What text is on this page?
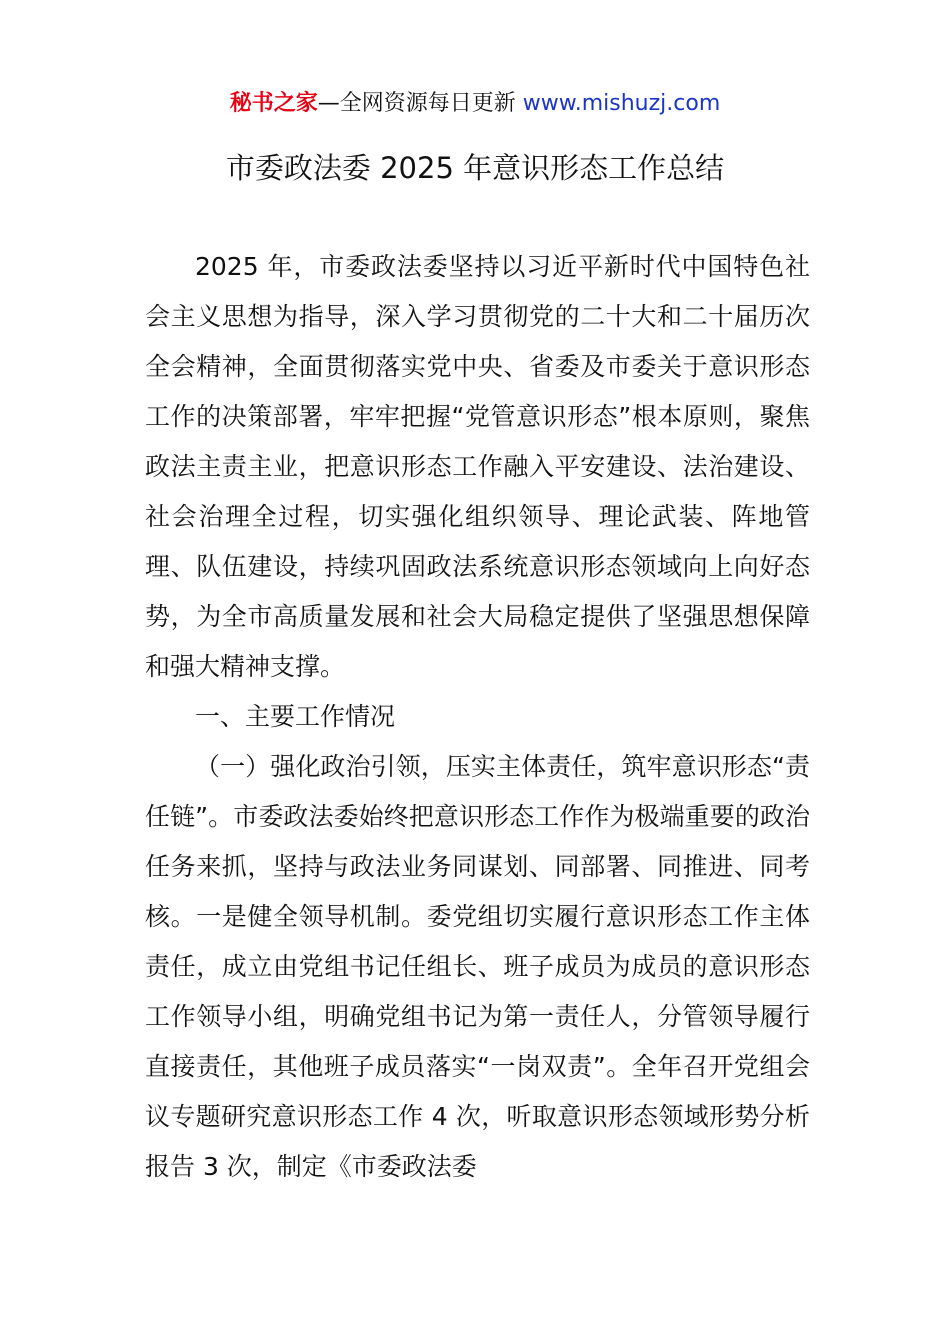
秘书之家—全网资源每日更新 www.mishuzj.com
市委政法委 2025 年意识形态工作总结

2025 年，市委政法委坚持以习近平新时代中国特色社会主义思想为指导，深入学习贯彻党的二十大和二十届历次全会精神，全面贯彻落实党中央、省委及市委关于意识形态工作的决策部署，牢牢把握“党管意识形态”根本原则，聚焦政法主责主业，把意识形态工作融入平安建设、法治建设、社会治理全过程，切实强化组织领导、理论武装、阵地管理、队伍建设，持续巩固政法系统意识形态领域向上向好态势，为全市高质量发展和社会大局稳定提供了坚强思想保障和强大精神支撑。

一、主要工作情况

（一）强化政治引领，压实主体责任，筑牢意识形态“责任链”。市委政法委始终把意识形态工作作为极端重要的政治任务来抓，坚持与政法业务同谋划、同部署、同推进、同考核。一是健全领导机制。委党组切实履行意识形态工作主体责任，成立由党组书记任组长、班子成员为成员的意识形态工作领导小组，明确党组书记为第一责任人，分管领导履行直接责任，其他班子成员落实“一岗双责”。全年召开党组会议专题研究意识形态工作 4 次，听取意识形态领域形势分析报告 3 次，制定《市委政法委
